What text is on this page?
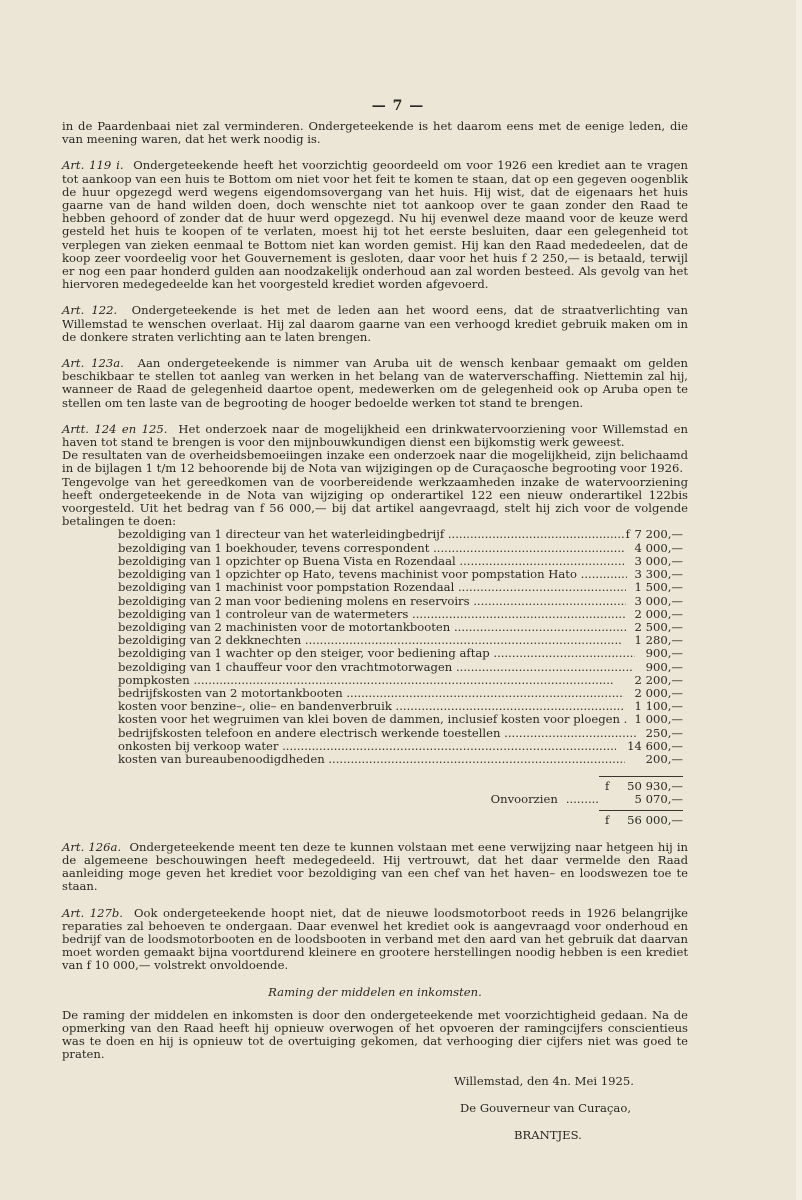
— 7 —

in de Paardenbaai niet zal verminderen. Ondergeteekende is het daarom eens met de eenige leden, die van meening waren, dat het werk noodig is.

Art. 119 i. Ondergeteekende heeft het voorzichtig geoordeeld om voor 1926 een krediet aan te vragen tot aankoop van een huis te Bottom om niet voor het feit te komen te staan, dat op een gegeven oogenblik de huur opgezegd werd wegens eigendomsovergang van het huis. Hij wist, dat de eigenaars het huis gaarne van de hand wilden doen, doch wenschte niet tot aankoop over te gaan zonder den Raad te hebben gehoord of zonder dat de huur werd opgezegd. Nu hij evenwel deze maand voor de keuze werd gesteld het huis te koopen of te verlaten, moest hij tot het eerste besluiten, daar een gelegenheid tot verplegen van zieken eenmaal te Bottom niet kan worden gemist. Hij kan den Raad mededeelen, dat de koop zeer voordeelig voor het Gouvernement is gesloten, daar voor het huis f 2 250,— is betaald, terwijl er nog een paar honderd gulden aan noodzakelijk onderhoud aan zal worden besteed. Als gevolg van het hiervoren medegedeelde kan het voorgesteld krediet worden afgevoerd.

Art. 122. Ondergeteekende is het met de leden aan het woord eens, dat de straatverlichting van Willemstad te wenschen overlaat. Hij zal daarom gaarne van een verhoogd krediet gebruik maken om in de donkere straten verlichting aan te laten brengen.

Art. 123a. Aan ondergeteekende is nimmer van Aruba uit de wensch kenbaar gemaakt om gelden beschikbaar te stellen tot aanleg van werken in het belang van de waterverschaffing. Niettemin zal hij, wanneer de Raad de gelegenheid daartoe opent, medewerken om de gelegenheid ook op Aruba open te stellen om ten laste van de begrooting de hooger bedoelde werken tot stand te brengen.

Artt. 124 en 125. Het onderzoek naar de mogelijkheid een drinkwatervoorziening voor Willemstad en haven tot stand te brengen is voor den mijnbouwkundigen dienst een bijkomstig werk geweest.

De resultaten van de overheidsbemoeiingen inzake een onderzoek naar die mogelijkheid, zijn belichaamd in de bijlagen 1 t/m 12 behoorende bij de Nota van wijzigingen op de Curaçaosche begrooting voor 1926.

Tengevolge van het gereedkomen van de voorbereidende werkzaamheden inzake de watervoorziening heeft ondergeteekende in de Nota van wijziging op onderartikel 122 een nieuw onderartikel 122bis voorgesteld. Uit het bedrag van f 56 000,— bij dat artikel aangevraagd, stelt hij zich voor de volgende betalingen te doen:

bezoldiging van 1 directeur van het waterleidingbedrijf .....	f 7 200,—
bezoldiging van 1 boekhouder, tevens correspondent .....	4 000,—
bezoldiging van 1 opzichter op Buena Vista en Rozendaal .....	3 000,—
bezoldiging van 1 opzichter op Hato, tevens machinist voor pompstation Hato .....	3 300,—
bezoldiging van 1 machinist voor pompstation Rozendaal .....	1 500,—
bezoldiging van 2 man voor bediening molens en reservoirs .....	3 000,—
bezoldiging van 1 controleur van de watermeters .....	2 000,—
bezoldiging van 2 machinisten voor de motortankbooten .....	2 500,—
bezoldiging van 2 dekknechten .....	1 280,—
bezoldiging van 1 wachter op den steiger, voor bediening aftap .....	900,—
bezoldiging van 1 chauffeur voor den vrachtmotorwagen .....	900,—
pompkosten .....	2 200,—
bedrijfskosten van 2 motortankbooten .....	2 000,—
kosten voor benzine–, olie– en bandenverbruik .....	1 100,—
kosten voor het wegruimen van klei boven de dammen, inclusief kosten voor ploegen .....	1 000,—
bedrijfskosten telefoon en andere electrisch werkende toestellen .....	250,—
onkosten bij verkoop water .....	14 600,—
kosten van bureaubenoodigdheden .....	200,—
f	50 930,—
Onvoorzien .........	5 070,—
f	56 000,—

Art. 126a. Ondergeteekende meent ten deze te kunnen volstaan met eene verwijzing naar hetgeen hij in de algemeene beschouwingen heeft medegedeeld. Hij vertrouwt, dat het daar vermelde den Raad aanleiding moge geven het krediet voor bezoldiging van een chef van het haven– en loodswezen toe te staan.

Art. 127b. Ook ondergeteekende hoopt niet, dat de nieuwe loodsmotorboot reeds in 1926 belangrijke reparaties zal behoeven te ondergaan. Daar evenwel het krediet ook is aangevraagd voor onderhoud en bedrijf van de loodsmotorbooten en de loodsbooten in verband met den aard van het gebruik dat daarvan moet worden gemaakt bijna voortdurend kleinere en grootere herstellingen noodig hebben is een krediet van f 10 000,— volstrekt onvoldoende.

Raming der middelen en inkomsten.

De raming der middelen en inkomsten is door den ondergeteekende met voorzichtigheid gedaan. Na de opmerking van den Raad heeft hij opnieuw overwogen of het opvoeren der ramingcijfers conscientieus was te doen en hij is opnieuw tot de overtuiging gekomen, dat verhooging dier cijfers niet was goed te praten.

Willemstad, den 4n. Mei 1925.
De Gouverneur van Curaçao,
BRANTJES.
